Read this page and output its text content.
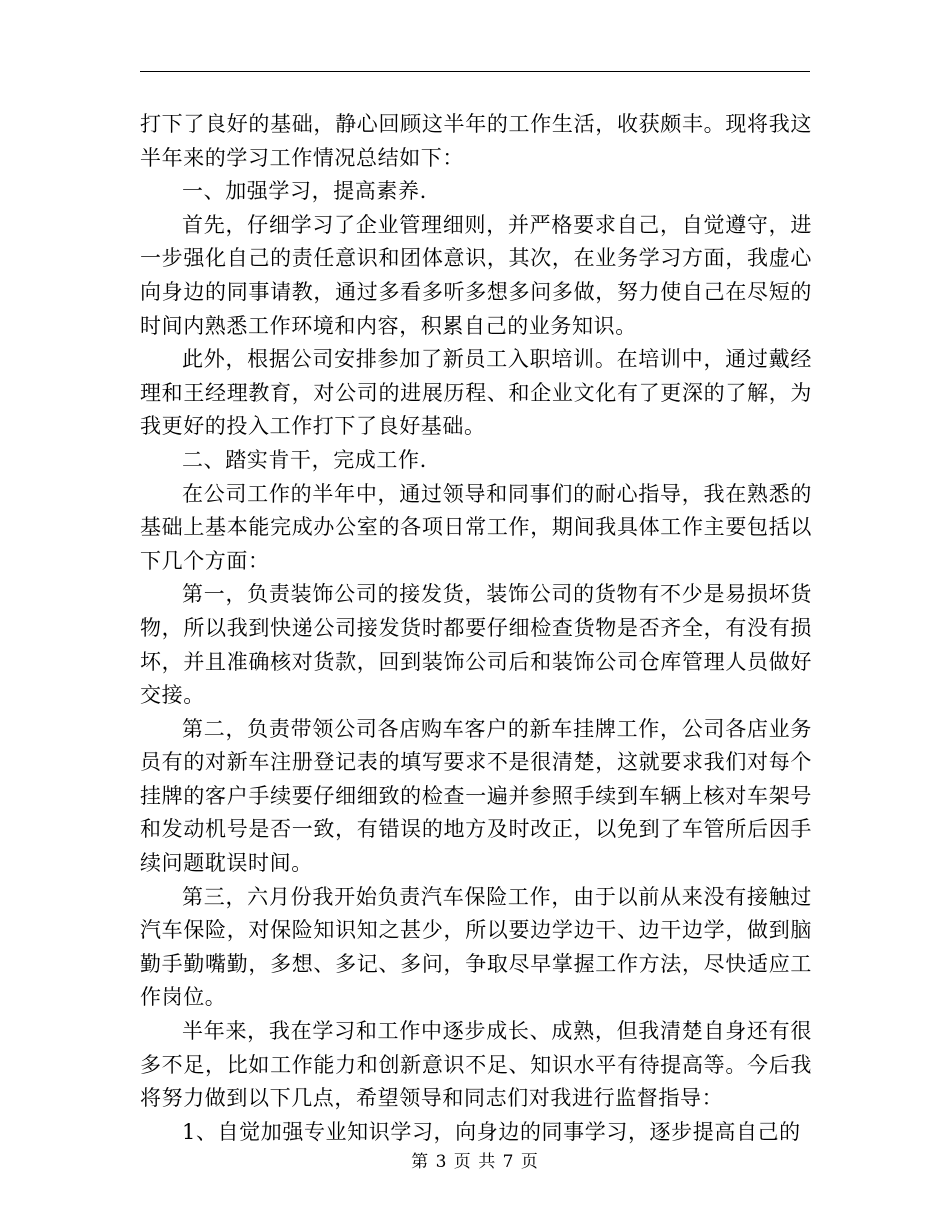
打下了良好的基础，静心回顾这半年的工作生活，收获颇丰。现将我这半年来的学习工作情况总结如下：

一、加强学习，提高素养.

首先，仔细学习了企业管理细则，并严格要求自己，自觉遵守，进一步强化自己的责任意识和团体意识，其次，在业务学习方面，我虚心向身边的同事请教，通过多看多听多想多问多做，努力使自己在尽短的时间内熟悉工作环境和内容，积累自己的业务知识。

此外，根据公司安排参加了新员工入职培训。在培训中，通过戴经理和王经理教育，对公司的进展历程、和企业文化有了更深的了解，为我更好的投入工作打下了良好基础。

二、踏实肯干，完成工作.

在公司工作的半年中，通过领导和同事们的耐心指导，我在熟悉的基础上基本能完成办公室的各项日常工作，期间我具体工作主要包括以下几个方面：

第一，负责装饰公司的接发货，装饰公司的货物有不少是易损坏货物，所以我到快递公司接发货时都要仔细检查货物是否齐全，有没有损坏，并且准确核对货款，回到装饰公司后和装饰公司仓库管理人员做好交接。

第二，负责带领公司各店购车客户的新车挂牌工作，公司各店业务员有的对新车注册登记表的填写要求不是很清楚，这就要求我们对每个挂牌的客户手续要仔细细致的检查一遍并参照手续到车辆上核对车架号和发动机号是否一致，有错误的地方及时改正，以免到了车管所后因手续问题耽误时间。

第三，六月份我开始负责汽车保险工作，由于以前从来没有接触过汽车保险，对保险知识知之甚少，所以要边学边干、边干边学，做到脑勤手勤嘴勤，多想、多记、多问，争取尽早掌握工作方法，尽快适应工作岗位。

半年来，我在学习和工作中逐步成长、成熟，但我清楚自身还有很多不足，比如工作能力和创新意识不足、知识水平有待提高等。今后我将努力做到以下几点，希望领导和同志们对我进行监督指导：

1、自觉加强专业知识学习，向身边的同事学习，逐步提高自己的

第 3 页 共 7 页
